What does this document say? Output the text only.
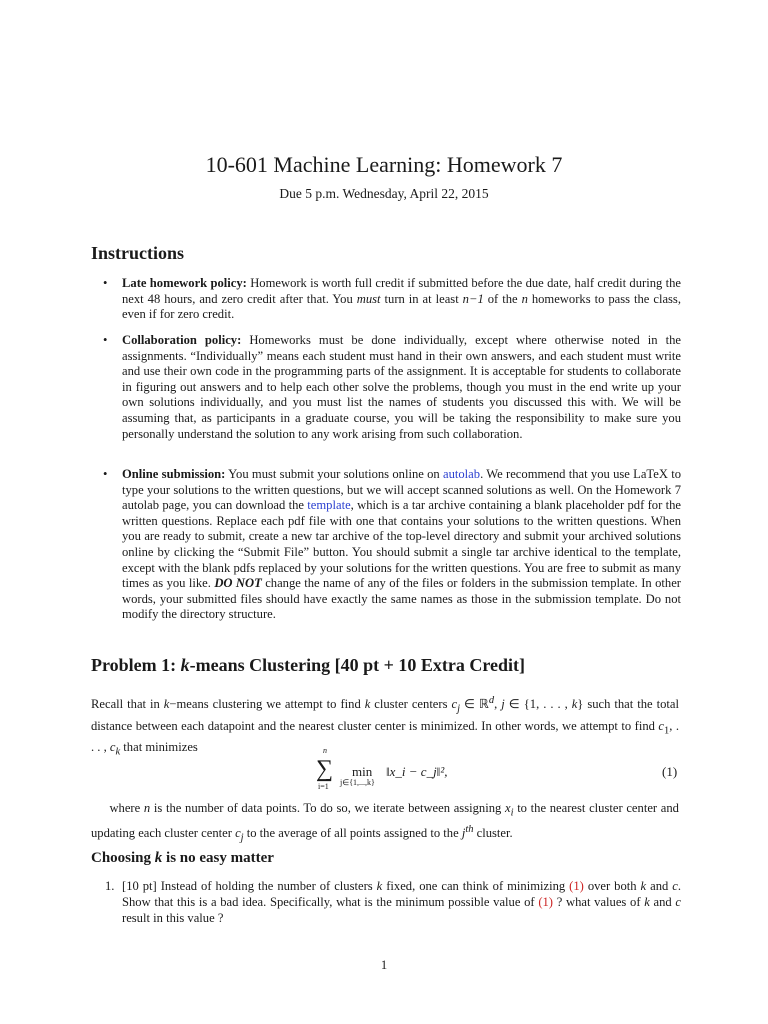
10-601 Machine Learning: Homework 7
Due 5 p.m. Wednesday, April 22, 2015
Instructions
• Late homework policy: Homework is worth full credit if submitted before the due date, half credit during the next 48 hours, and zero credit after that. You must turn in at least n−1 of the n homeworks to pass the class, even if for zero credit.
• Collaboration policy: Homeworks must be done individually, except where otherwise noted in the assignments. “Individually” means each student must hand in their own answers, and each student must write and use their own code in the programming parts of the assignment. It is acceptable for students to collaborate in figuring out answers and to help each other solve the problems, though you must in the end write up your own solutions individually, and you must list the names of students you discussed this with. We will be assuming that, as participants in a graduate course, you will be taking the responsibility to make sure you personally understand the solution to any work arising from such collaboration.
• Online submission: You must submit your solutions online on autolab. We recommend that you use LaTeX to type your solutions to the written questions, but we will accept scanned solutions as well. On the Homework 7 autolab page, you can download the template, which is a tar archive containing a blank placeholder pdf for the written questions. Replace each pdf file with one that contains your solutions to the written questions. When you are ready to submit, create a new tar archive of the top-level directory and submit your archived solutions online by clicking the “Submit File” button. You should submit a single tar archive identical to the template, except with the blank pdfs replaced by your solutions for the written questions. You are free to submit as many times as you like. DO NOT change the name of any of the files or folders in the submission template. In other words, your submitted files should have exactly the same names as those in the submission template. Do not modify the directory structure.
Problem 1: k-means Clustering [40 pt + 10 Extra Credit]
Recall that in k−means clustering we attempt to find k cluster centers $c_j$ ∈ ℝ$^d$, j ∈ {1, . . . , k} such that the total distance between each datapoint and the nearest cluster center is minimized. In other words, we attempt to find $c_1$, . . . , $c_k$ that minimizes	n
∑
i=1
min
j∈{1,...,k}
‖x_i − c_j‖²,	(1)
where n is the number of data points. To do so, we iterate between assigning $x_i$ to the nearest cluster center and updating each cluster center $c_j$ to the average of all points assigned to the $j^{th}$ cluster.
Choosing k is no easy matter
1. [10 pt] Instead of holding the number of clusters k fixed, one can think of minimizing (1) over both k and c. Show that this is a bad idea. Specifically, what is the minimum possible value of (1) ? what values of k and c result in this value ?
1
